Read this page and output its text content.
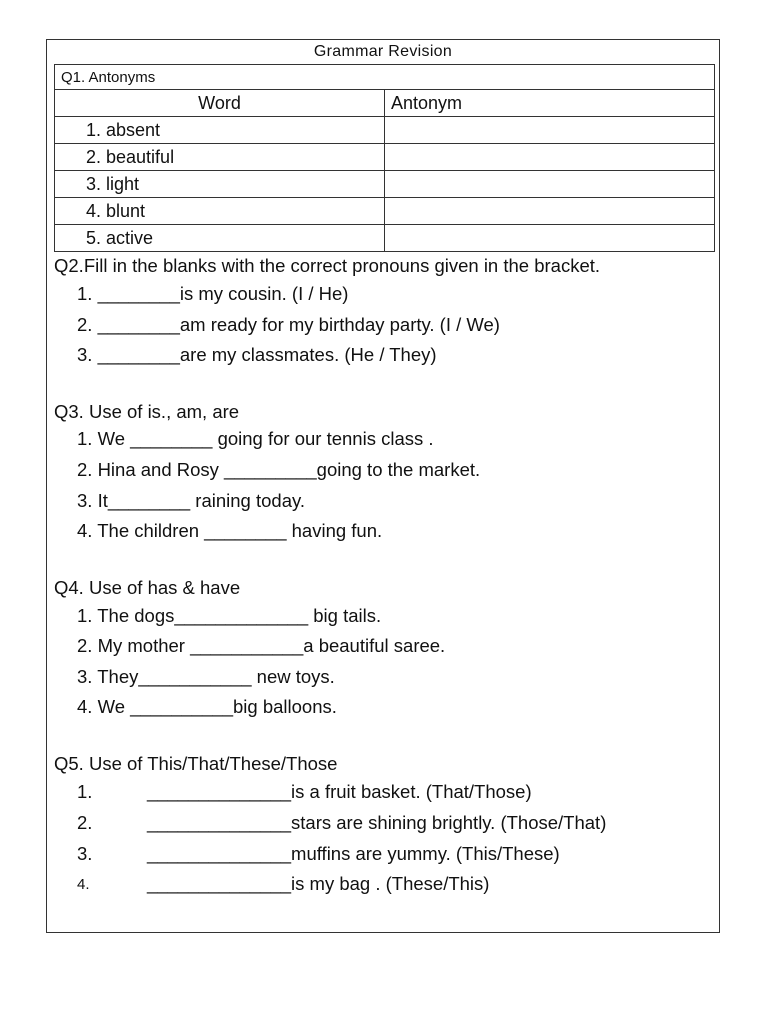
Grammar Revision
Q1. Antonyms	
Word	Antonym
1. absent	
2. beautiful	
3. light	
4. blunt	
5. active	
Q2.Fill in the blanks with the correct pronouns given in the bracket.
1. ________is my cousin. (I / He)
2. ________am ready for my birthday party. (I / We)
3. ________are my classmates. (He / They)
Q3. Use of is., am, are
1. We ________ going for our tennis class .
2. Hina and Rosy _________going to the market.
3. It________ raining today.
4. The children ________ having fun.
Q4. Use of has & have
1. The dogs_____________ big tails.
2. My mother ___________a beautiful saree.
3. They___________ new toys.
4. We __________big balloons.
Q5. Use of This/That/These/Those
1.	______________is a fruit basket. (That/Those)
2.	______________stars are shining brightly. (Those/That)
3.	______________muffins are yummy. (This/These)
4.	______________is my bag . (These/This)
